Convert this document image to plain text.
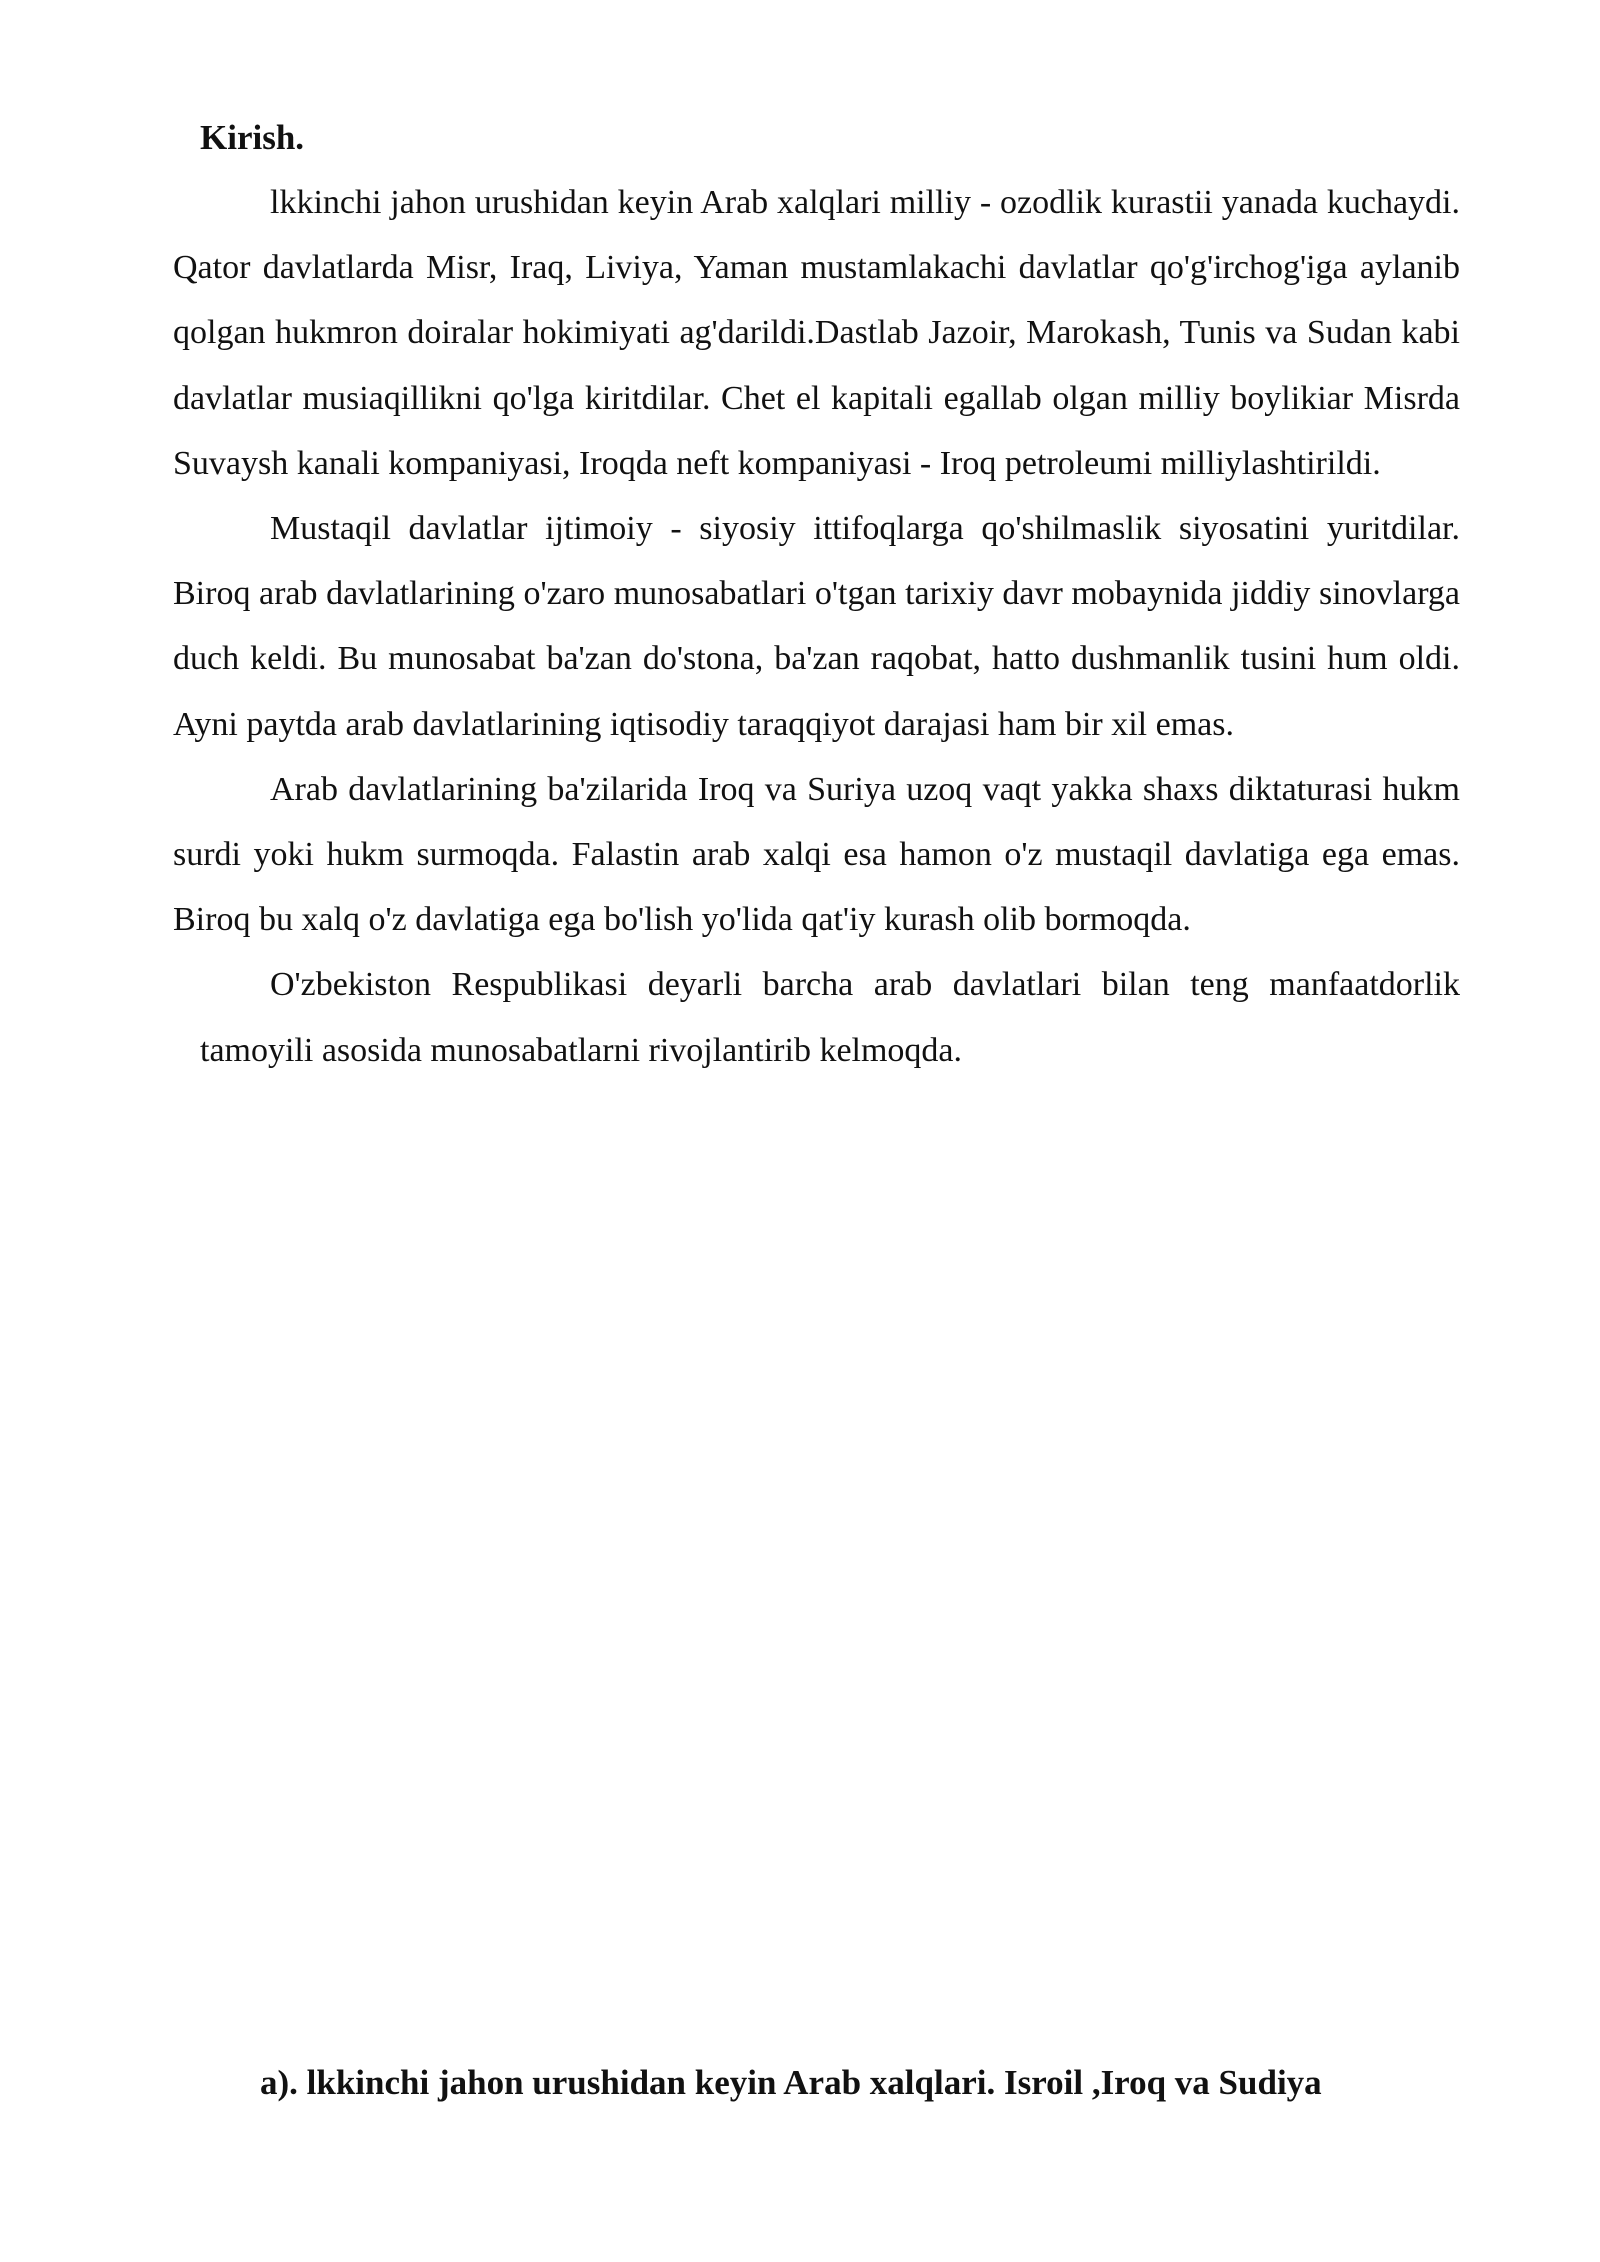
Kirish.

lkkinchi jahon urushidan keyin Arab xalqlari milliy - ozodlik kurastii yanada kuchaydi. Qator davlatlarda Misr, Iraq, Liviya, Yaman mustamlakachi davlatlar qo'g'irchog'iga aylanib qolgan hukmron doiralar hokimiyati ag'darildi.Dastlab Jazoir, Marokash, Tunis va Sudan kabi davlatlar musiaqillikni qo'lga kiritdilar. Chet el kapitali egallab olgan milliy boylikiar Misrda Suvaysh kanali kompaniyasi, Iroqda neft kompaniyasi - Iroq petroleumi milliylashtirildi.

Mustaqil davlatlar ijtimoiy - siyosiy ittifoqlarga qo'shilmaslik siyosatini yuritdilar. Biroq arab davlatlarining o'zaro munosabatlari o'tgan tarixiy davr mobaynida jiddiy sinovlarga duch keldi. Bu munosabat ba'zan do'stona, ba'zan raqobat, hatto dushmanlik tusini hum oldi. Ayni paytda arab davlatlarining iqtisodiy taraqqiyot darajasi ham bir xil emas.

Arab davlatlarining ba'zilarida Iroq va Suriya uzoq vaqt yakka shaxs diktaturasi hukm surdi yoki hukm surmoqda. Falastin arab xalqi esa hamon o'z mustaqil davlatiga ega emas. Biroq bu xalq o'z davlatiga ega bo'lish yo'lida qat'iy kurash olib bormoqda.

O'zbekiston Respublikasi deyarli barcha arab davlatlari bilan teng manfaatdorlik tamoyili asosida munosabatlarni rivojlantirib kelmoqda.

a). lkkinchi jahon urushidan keyin Arab xalqlari. Isroil ,Iroq va Sudiya
